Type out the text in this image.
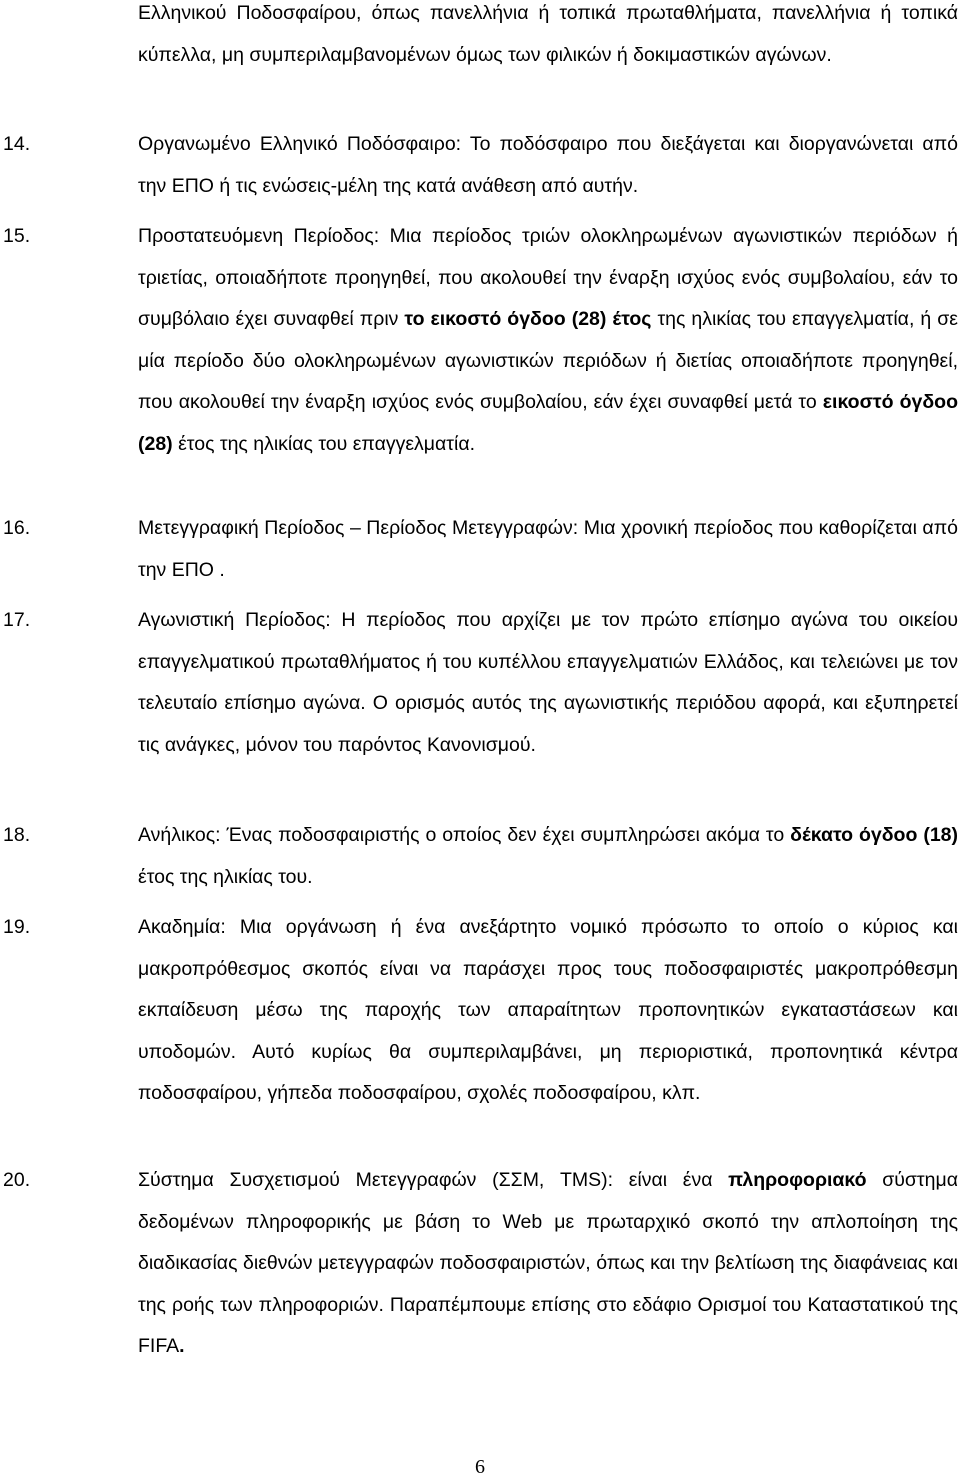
Ελληνικού Ποδοσφαίρου, όπως πανελλήνια ή τοπικά πρωταθλήματα, πανελλήνια ή τοπικά κύπελλα, μη συμπεριλαμβανομένων όμως των φιλικών ή δοκιμαστικών αγώνων.

14.	Οργανωμένο Ελληνικό Ποδόσφαιρο: Το ποδόσφαιρο που διεξάγεται και διοργανώνεται από την ΕΠΟ ή τις ενώσεις-μέλη της κατά ανάθεση από αυτήν.

15.	Προστατευόμενη Περίοδος: Μια περίοδος τριών ολοκληρωμένων αγωνιστικών περιόδων ή τριετίας, οποιαδήποτε προηγηθεί, που ακολουθεί την έναρξη ισχύος ενός συμβολαίου, εάν το συμβόλαιο έχει συναφθεί πριν το εικοστό όγδοο (28) έτος της ηλικίας του επαγγελματία, ή σε μία περίοδο δύο ολοκληρωμένων αγωνιστικών περιόδων ή διετίας οποιαδήποτε προηγηθεί, που ακολουθεί την έναρξη ισχύος ενός συμβολαίου, εάν έχει συναφθεί μετά το εικοστό όγδοο (28) έτος της ηλικίας του επαγγελματία.

16.	Μετεγγραφική Περίοδος – Περίοδος Μετεγγραφών: Μια χρονική περίοδος που καθορίζεται από την ΕΠΟ .

17.	Αγωνιστική Περίοδος: Η περίοδος που αρχίζει με τον πρώτο επίσημο αγώνα του οικείου επαγγελματικού πρωταθλήματος ή του κυπέλλου επαγγελματιών Ελλάδος, και τελειώνει με τον τελευταίο επίσημο αγώνα. Ο ορισμός αυτός της αγωνιστικής περιόδου αφορά, και εξυπηρετεί τις ανάγκες, μόνον του παρόντος Κανονισμού.

18.	Ανήλικος: Ένας ποδοσφαιριστής ο οποίος δεν έχει συμπληρώσει ακόμα το δέκατο όγδοο (18) έτος της ηλικίας του.

19.	Ακαδημία: Μια οργάνωση ή ένα ανεξάρτητο νομικό πρόσωπο το οποίο ο κύριος και μακροπρόθεσμος σκοπός είναι να παράσχει προς τους ποδοσφαιριστές μακροπρόθεσμη εκπαίδευση μέσω της παροχής των απαραίτητων προπονητικών εγκαταστάσεων και υποδομών. Αυτό κυρίως θα συμπεριλαμβάνει, μη περιοριστικά, προπονητικά κέντρα ποδοσφαίρου, γήπεδα ποδοσφαίρου, σχολές ποδοσφαίρου, κλπ.

20.	Σύστημα Συσχετισμού Μετεγγραφών (ΣΣΜ, TMS): είναι ένα πληροφοριακό σύστημα δεδομένων πληροφορικής με βάση το Web με πρωταρχικό σκοπό την απλοποίηση της διαδικασίας διεθνών μετεγγραφών ποδοσφαιριστών, όπως και την βελτίωση της διαφάνειας και της ροής των πληροφοριών. Παραπέμπουμε επίσης στο εδάφιο Ορισμοί του Καταστατικού της FIFA.

6
